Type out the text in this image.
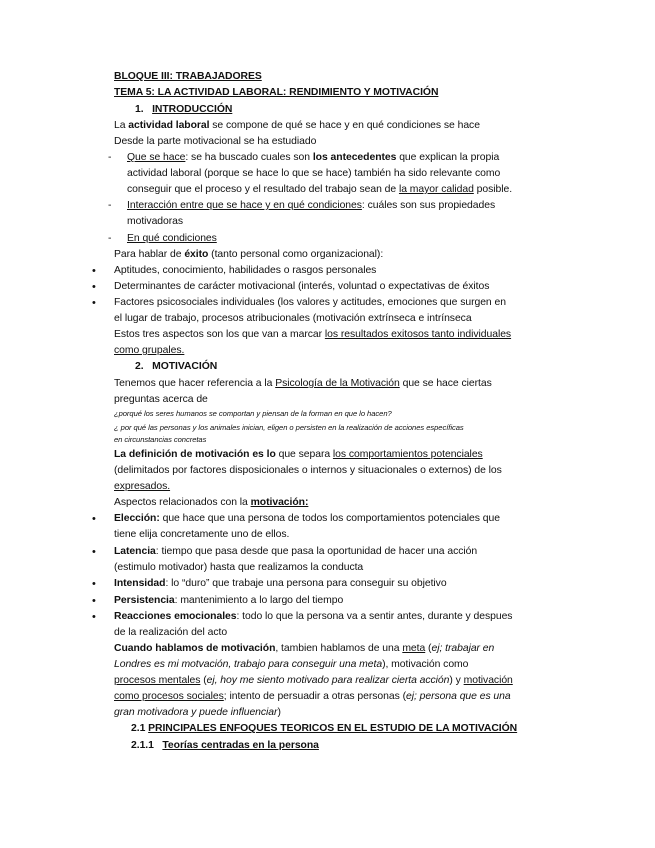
BLOQUE III: TRABAJADORES
TEMA 5: LA ACTIVIDAD LABORAL: RENDIMIENTO Y MOTIVACIÓN
1. INTRODUCCIÓN
La actividad laboral se compone de qué se hace y en qué condiciones se hace
Desde la parte motivacional se ha estudiado
- Que se hace: se ha buscado cuales son los antecedentes que explican la propia
actividad laboral (porque se hace lo que se hace) también ha sido relevante como
conseguir que el proceso y el resultado del trabajo sean de la mayor calidad posible.
- Interacción entre que se hace y en qué condiciones: cuáles son sus propiedades
motivadoras
- En qué condiciones
Para hablar de éxito (tanto personal como organizacional):
• Aptitudes, conocimiento, habilidades o rasgos personales
• Determinantes de carácter motivacional (interés, voluntad o expectativas de éxitos
• Factores psicosociales individuales (los valores y actitudes, emociones que surgen en
el lugar de trabajo, procesos atribucionales (motivación extrínseca e intrínseca
Estos tres aspectos son los que van a marcar los resultados exitosos tanto individuales
como grupales.
2. MOTIVACIÓN
Tenemos que hacer referencia a la Psicología de la Motivación que se hace ciertas
preguntas acerca de
¿porqué los seres humanos se comportan y piensan de la forman en que lo hacen?
¿ por qué las personas y los animales inician, eligen o persisten en la realización de acciones específicas
en circunstancias concretas
La definición de motivación es lo que separa los comportamientos potenciales
(delimitados por factores disposicionales o internos y situacionales o externos) de los
expresados.
Aspectos relacionados con la motivación:
• Elección: que hace que una persona de todos los comportamientos potenciales que
tiene elija concretamente uno de ellos.
• Latencia: tiempo que pasa desde que pasa la oportunidad de hacer una acción
(estimulo motivador) hasta que realizamos la conducta
• Intensidad: lo “duro” que trabaje una persona para conseguir su objetivo
• Persistencia: mantenimiento a lo largo del tiempo
• Reacciones emocionales: todo lo que la persona va a sentir antes, durante y despues
de la realización del acto
Cuando hablamos de motivación, tambien hablamos de una meta (ej; trabajar en
Londres es mi motvación, trabajo para conseguir una meta), motivación como
procesos mentales (ej, hoy me siento motivado para realizar cierta acción) y motivación
como procesos sociales; intento de persuadir a otras personas (ej; persona que es una
gran motivadora y puede influenciar)
2.1 PRINCIPALES ENFOQUES TEORICOS EN EL ESTUDIO DE LA MOTIVACIÓN
2.1.1 Teorías centradas en la persona
